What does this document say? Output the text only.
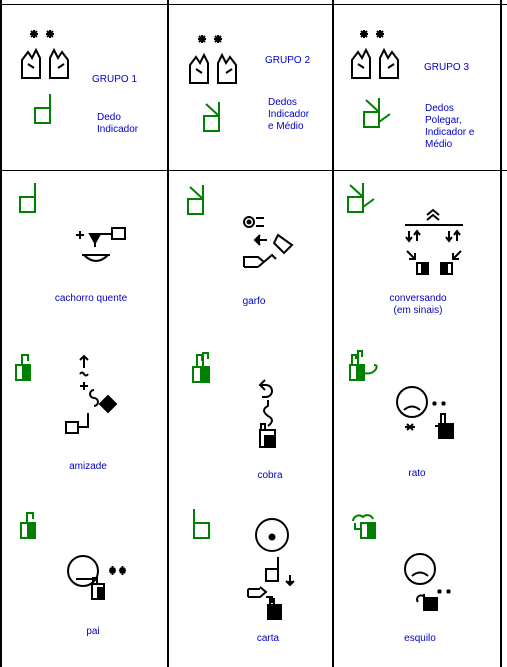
GRUPO 1
Dedo
Indicador
GRUPO 2
Dedos
Indicador
e Médio
GRUPO 3
Dedos
Polegar,
Indicador e
Médio
cachorro quente	garfo	conversando
(em sinais)
amizade
cobra	rato
pai
carta	esquilo
